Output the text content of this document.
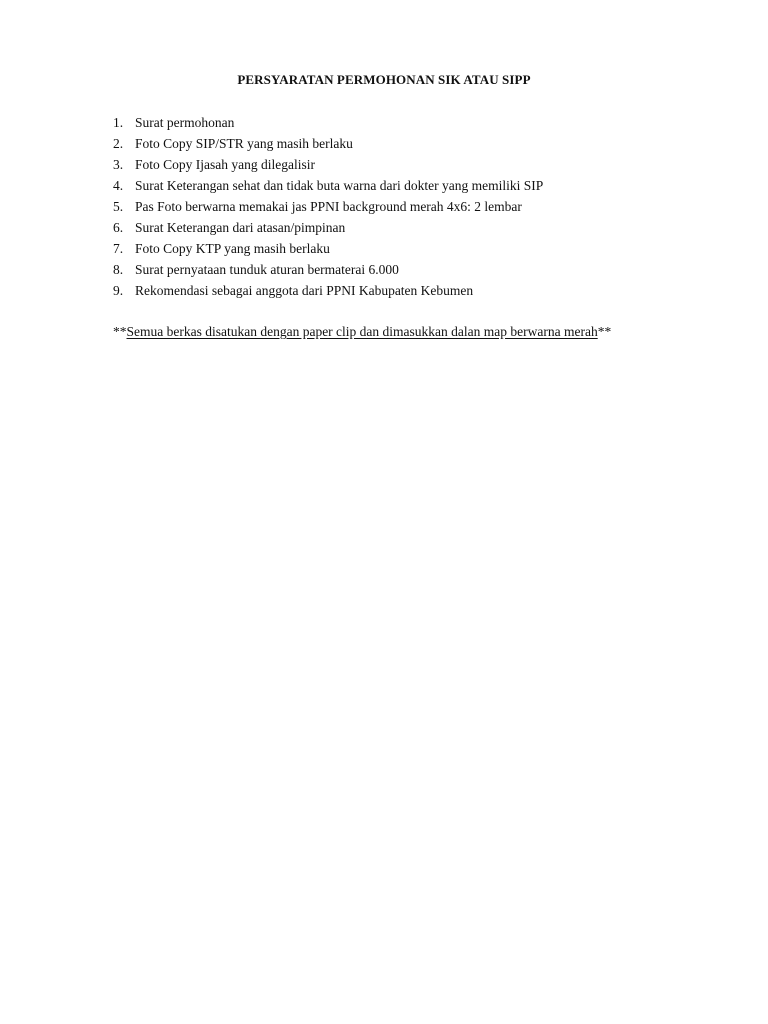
PERSYARATAN PERMOHONAN SIK ATAU SIPP
1. Surat permohonan
2. Foto Copy SIP/STR yang masih berlaku
3. Foto Copy Ijasah yang dilegalisir
4. Surat Keterangan sehat dan tidak buta warna dari dokter yang memiliki SIP
5. Pas Foto berwarna memakai jas PPNI background merah 4x6: 2 lembar
6. Surat Keterangan dari atasan/pimpinan
7. Foto Copy KTP yang masih berlaku
8. Surat pernyataan tunduk aturan bermaterai 6.000
9. Rekomendasi sebagai anggota dari PPNI Kabupaten Kebumen

**Semua berkas disatukan dengan paper clip dan dimasukkan dalan map berwarna merah**
